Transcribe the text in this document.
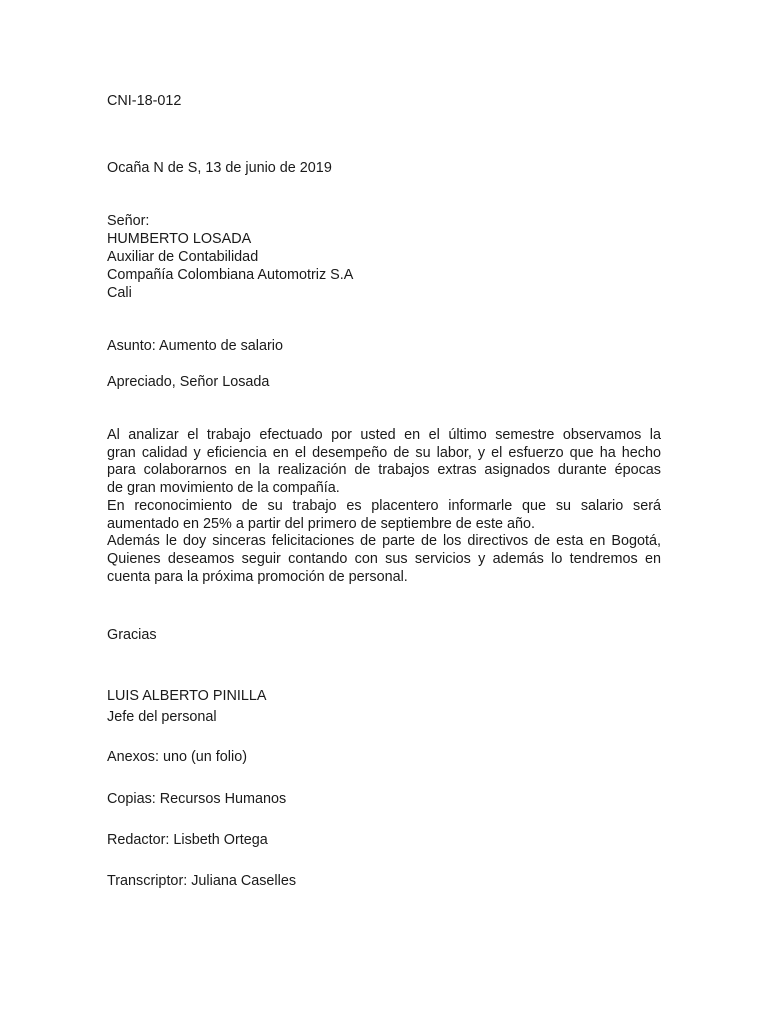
CNI-18-012
Ocaña N de S, 13 de junio de 2019
Señor:
HUMBERTO LOSADA
Auxiliar de Contabilidad
Compañía Colombiana Automotriz S.A
Cali
Asunto: Aumento de salario
Apreciado, Señor Losada
Al analizar el trabajo efectuado por usted en el último semestre observamos la
gran calidad y eficiencia en el desempeño de su labor, y el esfuerzo que ha hecho
para colaborarnos en la realización de trabajos extras asignados durante épocas
de gran movimiento de la compañía.
En reconocimiento de su trabajo es placentero informarle que su salario será
aumentado en 25% a partir del primero de septiembre de este año.
Además le doy sinceras felicitaciones de parte de los directivos de esta en Bogotá,
Quienes deseamos seguir contando con sus servicios y además lo tendremos en
cuenta para la próxima promoción de personal.
Gracias
LUIS ALBERTO PINILLA
Jefe del personal
Anexos: uno (un folio)
Copias: Recursos Humanos
Redactor: Lisbeth Ortega
Transcriptor: Juliana Caselles
